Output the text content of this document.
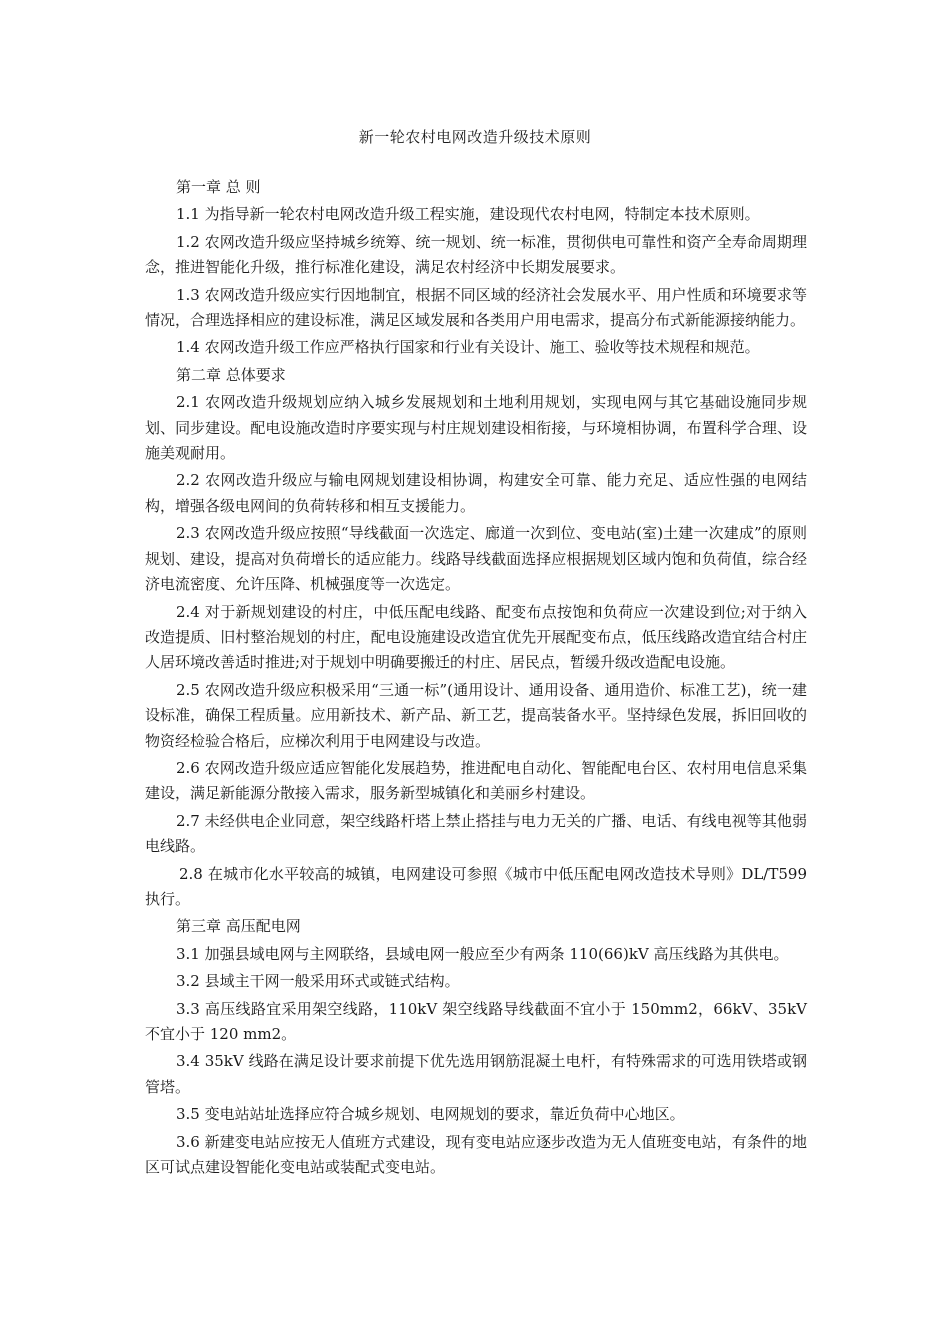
新一轮农村电网改造升级技术原则

第一章 总 则

1.1 为指导新一轮农村电网改造升级工程实施，建设现代农村电网，特制定本技术原则。

1.2 农网改造升级应坚持城乡统筹、统一规划、统一标准，贯彻供电可靠性和资产全寿命周期理念，推进智能化升级，推行标准化建设，满足农村经济中长期发展要求。

1.3 农网改造升级应实行因地制宜，根据不同区域的经济社会发展水平、用户性质和环境要求等情况，合理选择相应的建设标准，满足区域发展和各类用户用电需求，提高分布式新能源接纳能力。

1.4 农网改造升级工作应严格执行国家和行业有关设计、施工、验收等技术规程和规范。

第二章 总体要求

2.1 农网改造升级规划应纳入城乡发展规划和土地利用规划，实现电网与其它基础设施同步规划、同步建设。配电设施改造时序要实现与村庄规划建设相衔接，与环境相协调，布置科学合理、设施美观耐用。

2.2 农网改造升级应与输电网规划建设相协调，构建安全可靠、能力充足、适应性强的电网结构，增强各级电网间的负荷转移和相互支援能力。

2.3 农网改造升级应按照“导线截面一次选定、廊道一次到位、变电站(室)土建一次建成”的原则规划、建设，提高对负荷增长的适应能力。线路导线截面选择应根据规划区域内饱和负荷值，综合经济电流密度、允许压降、机械强度等一次选定。

2.4 对于新规划建设的村庄，中低压配电线路、配变布点按饱和负荷应一次建设到位;对于纳入改造提质、旧村整治规划的村庄，配电设施建设改造宜优先开展配变布点，低压线路改造宜结合村庄人居环境改善适时推进;对于规划中明确要搬迁的村庄、居民点，暂缓升级改造配电设施。

2.5 农网改造升级应积极采用“三通一标”(通用设计、通用设备、通用造价、标准工艺)，统一建设标准，确保工程质量。应用新技术、新产品、新工艺，提高装备水平。坚持绿色发展，拆旧回收的物资经检验合格后，应梯次利用于电网建设与改造。

2.6 农网改造升级应适应智能化发展趋势，推进配电自动化、智能配电台区、农村用电信息采集建设，满足新能源分散接入需求，服务新型城镇化和美丽乡村建设。

2.7 未经供电企业同意，架空线路杆塔上禁止搭挂与电力无关的广播、电话、有线电视等其他弱电线路。

2.8 在城市化水平较高的城镇，电网建设可参照《城市中低压配电网改造技术导则》DL/T599 执行。

第三章 高压配电网

3.1 加强县域电网与主网联络，县域电网一般应至少有两条 110(66)kV 高压线路为其供电。

3.2 县域主干网一般采用环式或链式结构。

3.3 高压线路宜采用架空线路，110kV 架空线路导线截面不宜小于 150mm2，66kV、35kV 不宜小于 120 mm2。

3.4 35kV 线路在满足设计要求前提下优先选用钢筋混凝土电杆，有特殊需求的可选用铁塔或钢管塔。

3.5 变电站站址选择应符合城乡规划、电网规划的要求，靠近负荷中心地区。

3.6 新建变电站应按无人值班方式建设，现有变电站应逐步改造为无人值班变电站，有条件的地区可试点建设智能化变电站或装配式变电站。
